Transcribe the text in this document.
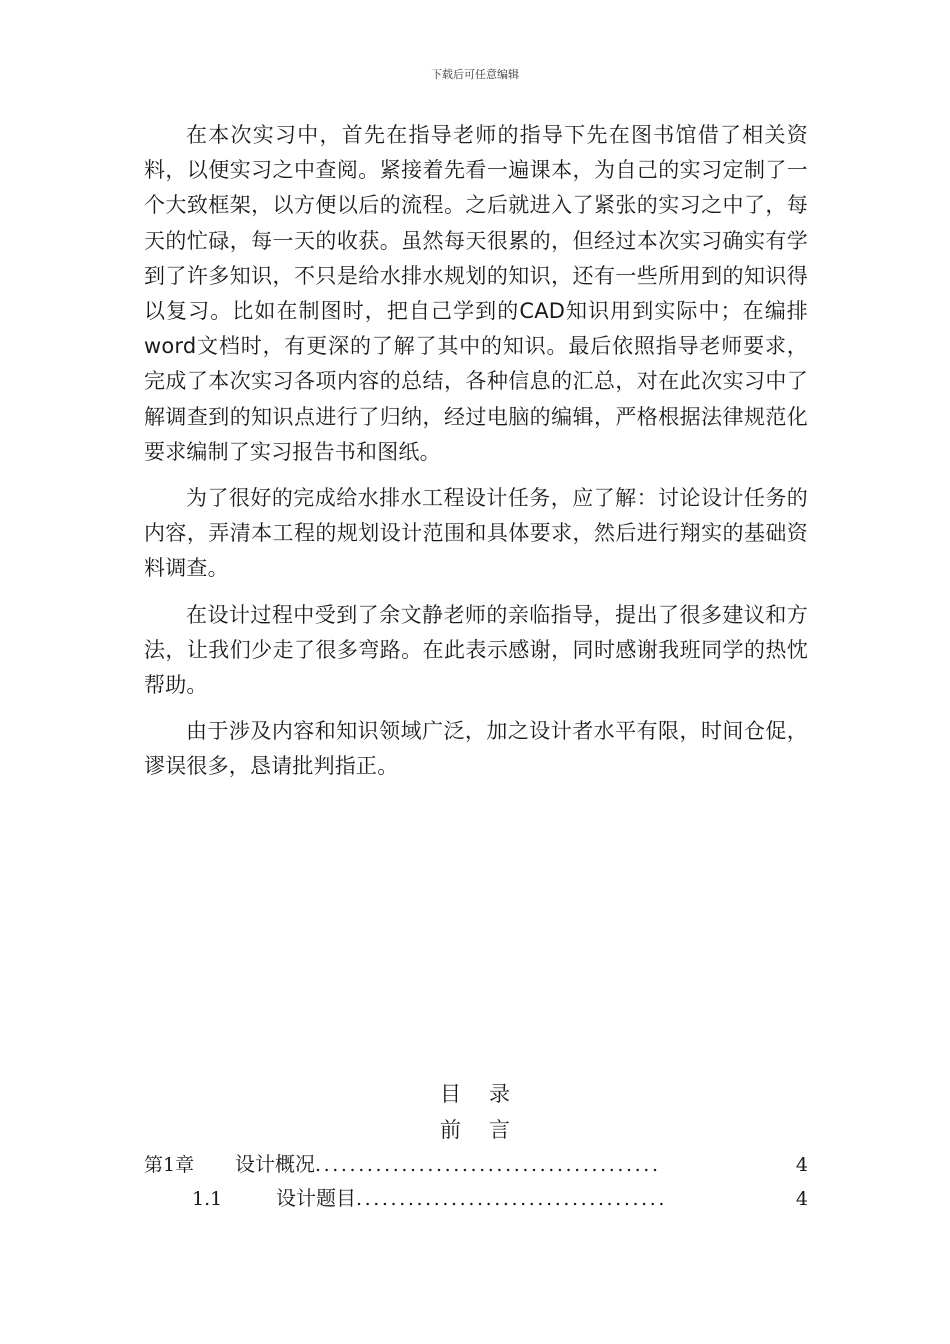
下载后可任意编辑

在本次实习中，首先在指导老师的指导下先在图书馆借了相关资料，以便实习之中查阅。紧接着先看一遍课本，为自己的实习定制了一个大致框架，以方便以后的流程。之后就进入了紧张的实习之中了，每天的忙碌，每一天的收获。虽然每天很累的，但经过本次实习确实有学到了许多知识，不只是给水排水规划的知识，还有一些所用到的知识得以复习。比如在制图时，把自己学到的CAD知识用到实际中；在编排word文档时，有更深的了解了其中的知识。最后依照指导老师要求，完成了本次实习各项内容的总结，各种信息的汇总，对在此次实习中了解调查到的知识点进行了归纳，经过电脑的编辑，严格根据法律规范化要求编制了实习报告书和图纸。

为了很好的完成给水排水工程设计任务，应了解：讨论设计任务的内容，弄清本工程的规划设计范围和具体要求，然后进行翔实的基础资料调查。

在设计过程中受到了余文静老师的亲临指导，提出了很多建议和方法，让我们少走了很多弯路。在此表示感谢，同时感谢我班同学的热忱帮助。

由于涉及内容和知识领域广泛，加之设计者水平有限，时间仓促，谬误很多，恳请批判指正。

目 录
前 言
第1章	设计概况 ........................................	4
1.1	设计题目 ....................................	4
